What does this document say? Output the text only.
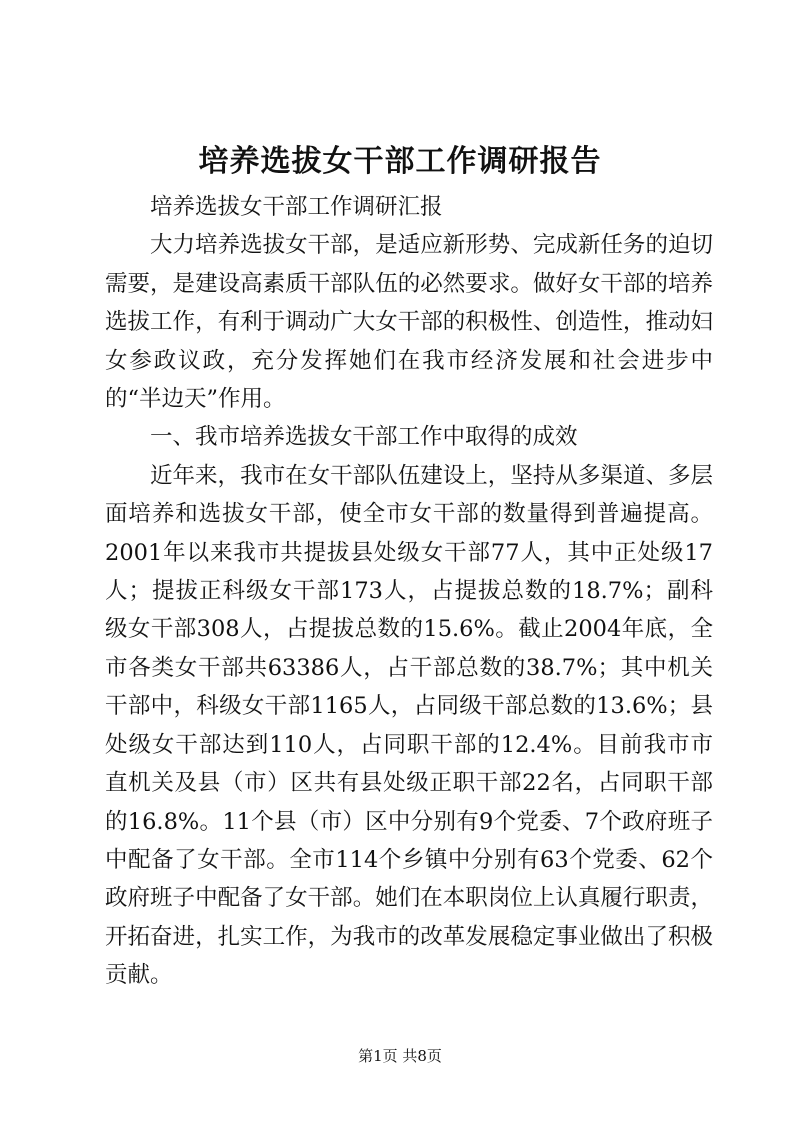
培养选拔女干部工作调研报告

培养选拔女干部工作调研汇报

大力培养选拔女干部，是适应新形势、完成新任务的迫切需要，是建设高素质干部队伍的必然要求。做好女干部的培养选拔工作，有利于调动广大女干部的积极性、创造性，推动妇女参政议政，充分发挥她们在我市经济发展和社会进步中的“半边天”作用。

一、我市培养选拔女干部工作中取得的成效

近年来，我市在女干部队伍建设上，坚持从多渠道、多层面培养和选拔女干部，使全市女干部的数量得到普遍提高。2001年以来我市共提拔县处级女干部77人，其中正处级17人；提拔正科级女干部173人，占提拔总数的18.7%；副科级女干部308人，占提拔总数的15.6%。截止2004年底，全市各类女干部共63386人，占干部总数的38.7%；其中机关干部中，科级女干部1165人，占同级干部总数的13.6%；县处级女干部达到110人，占同职干部的12.4%。目前我市市直机关及县（市）区共有县处级正职干部22名，占同职干部的16.8%。11个县（市）区中分别有9个党委、7个政府班子中配备了女干部。全市114个乡镇中分别有63个党委、62个政府班子中配备了女干部。她们在本职岗位上认真履行职责，开拓奋进，扎实工作，为我市的改革发展稳定事业做出了积极贡献。

第1页 共8页
